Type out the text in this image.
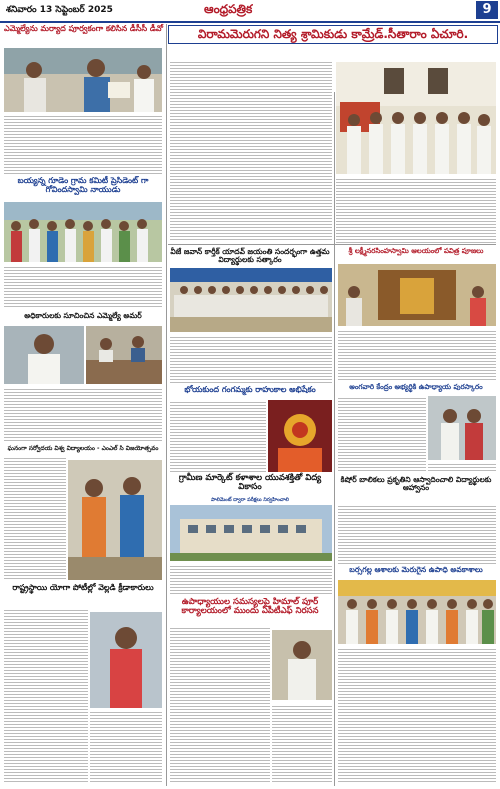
శనివారం 13 సెప్టెంబర్ 2025	ఆంధ్రపత్రిక	9
ఎమ్మెల్యేను మర్యాద పూర్వకంగా కలిసిన డీసీసీ డీవో
బయ్యన్న గూడెం గ్రామ కమిటీ ప్రెసిడెంట్ గా గోవిందస్వామి నాయుడు
అధికారులకు సూచించిన ఎమ్మెల్యే అమర్
ఘనంగా సర్వోదయ విశ్వ విద్యాలయం - ఎంఎల్ సి విజయోత్సవం
రాష్ట్రస్థాయి యోగా పోటీల్లో వెల్లడి క్రీడాకారులు
విరామమెరుగని నిత్య శ్రామికుడు కామ్రేడ్.సీతారాం ఏచూరి.
వీజే జవాన్ కార్తీక్ యాదవ్ జయంతి సందర్భంగా ఉత్తమ విద్యార్థులకు సత్కారం
భోయకుంద గంగమ్మకు రాహుకాల అభిషేకం
గ్రామీణ మార్కెట్ కళాశాల యువశక్తితో విద్య వికాసం
పాలిమెంట్ ద్వారా పరీక్షలు నిర్వహించాలి
ఉపాధ్యాయుల సమస్యలపై హిమాల్ పూర్ కార్యాలయంలో ముందు ఏపీటీఎఫ్ నిరసన
శ్రీ లక్ష్మీనరసింహస్వామి ఆలయంలో పవిత్ర పూజలు
అంగవారి కేంద్రం అభ్యర్థికి ఉపాధ్యాయ పురస్కారం
కిషోర్ బాలికలు ప్రకృతిని ఆస్వాదించాలి విద్యార్థులకు ఆహ్వానం
బర్సగల్ల ఆశాలకు మెరుగైన ఉపాధి అవకాశాలు
